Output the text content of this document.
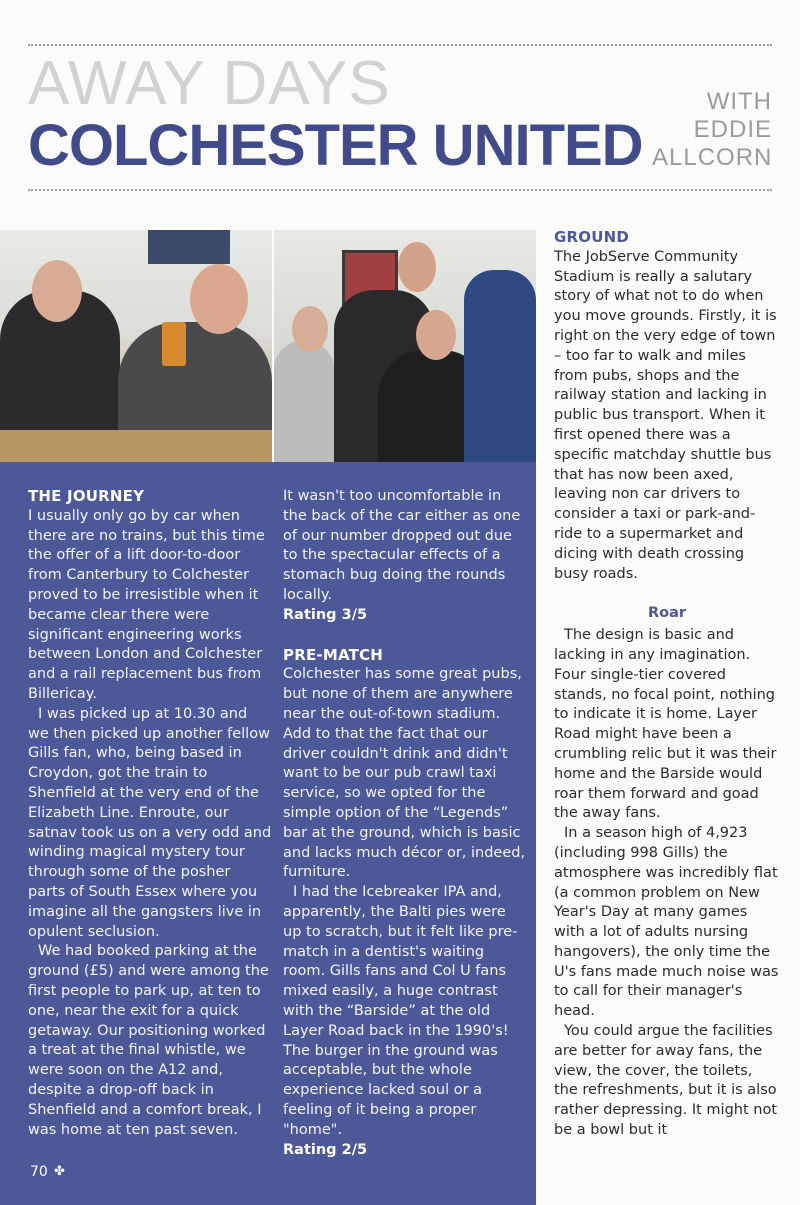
AWAY DAYS
COLCHESTER UNITED
WITH
EDDIE
ALLCORN

THE JOURNEY

I usually only go by car when there are no trains, but this time the offer of a lift door-to-door from Canterbury to Colchester proved to be irresistible when it became clear there were significant engineering works between London and Colchester and a rail replacement bus from Billericay.

I was picked up at 10.30 and we then picked up another fellow Gills fan, who, being based in Croydon, got the train to Shenfield at the very end of the Elizabeth Line. Enroute, our satnav took us on a very odd and winding magical mystery tour through some of the posher parts of South Essex where you imagine all the gangsters live in opulent seclusion.

We had booked parking at the ground (£5) and were among the first people to park up, at ten to one, near the exit for a quick getaway. Our positioning worked a treat at the final whistle, we were soon on the A12 and, despite a drop-off back in Shenfield and a comfort break, I was home at ten past seven.

It wasn't too uncomfortable in the back of the car either as one of our number dropped out due to the spectacular effects of a stomach bug doing the rounds locally.

Rating 3/5

PRE-MATCH

Colchester has some great pubs, but none of them are anywhere near the out-of-town stadium. Add to that the fact that our driver couldn't drink and didn't want to be our pub crawl taxi service, so we opted for the simple option of the “Legends” bar at the ground, which is basic and lacks much décor or, indeed, furniture.

I had the Icebreaker IPA and, apparently, the Balti pies were up to scratch, but it felt like pre-match in a dentist's waiting room. Gills fans and Col U fans mixed easily, a huge contrast with the “Barside” at the old Layer Road back in the 1990's! The burger in the ground was acceptable, but the whole experience lacked soul or a feeling of it being a proper "home".

Rating 2/5

GROUND

The JobServe Community Stadium is really a salutary story of what not to do when you move grounds. Firstly, it is right on the very edge of town – too far to walk and miles from pubs, shops and the railway station and lacking in public bus transport. When it first opened there was a specific matchday shuttle bus that has now been axed, leaving non car drivers to consider a taxi or park-and-ride to a supermarket and dicing with death crossing busy roads.

Roar

The design is basic and lacking in any imagination. Four single-tier covered stands, no focal point, nothing to indicate it is home. Layer Road might have been a crumbling relic but it was their home and the Barside would roar them forward and goad the away fans.

In a season high of 4,923 (including 998 Gills) the atmosphere was incredibly flat (a common problem on New Year's Day at many games with a lot of adults nursing hangovers), the only time the U's fans made much noise was to call for their manager's head.

You could argue the facilities are better for away fans, the view, the cover, the toilets, the refreshments, but it is also rather depressing. It might not be a bowl but it

70 ✤
